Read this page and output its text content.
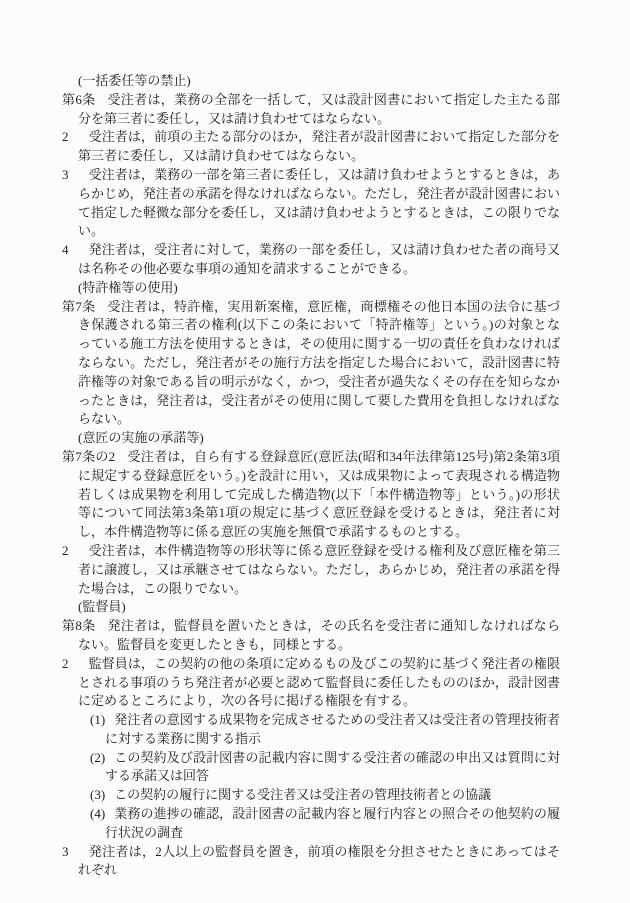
(一括委任等の禁止)

第6条 受注者は，業務の全部を一括して，又は設計図書において指定した主たる部分を第三者に委任し，又は請け負わせてはならない。

2 受注者は，前項の主たる部分のほか，発注者が設計図書において指定した部分を第三者に委任し，又は請け負わせてはならない。

3 受注者は，業務の一部を第三者に委任し，又は請け負わせようとするときは，あらかじめ，発注者の承諾を得なければならない。ただし，発注者が設計図書において指定した軽微な部分を委任し，又は請け負わせようとするときは，この限りでない。

4 発注者は，受注者に対して，業務の一部を委任し，又は請け負わせた者の商号又は名称その他必要な事項の通知を請求することができる。

(特許権等の使用)

第7条 受注者は，特許権，実用新案権，意匠権，商標権その他日本国の法令に基づき保護される第三者の権利(以下この条において「特許権等」という。)の対象となっている施工方法を使用するときは，その使用に関する一切の責任を負わなければならない。ただし，発注者がその施行方法を指定した場合において，設計図書に特許権等の対象である旨の明示がなく，かつ，受注者が過失なくその存在を知らなかったときは，発注者は，受注者がその使用に関して要した費用を負担しなければならない。

(意匠の実施の承諾等)

第7条の2 受注者は，自ら有する登録意匠(意匠法(昭和34年法律第125号)第2条第3項に規定する登録意匠をいう。)を設計に用い，又は成果物によって表現される構造物若しくは成果物を利用して完成した構造物(以下「本件構造物等」という。)の形状等について同法第3条第1項の規定に基づく意匠登録を受けるときは，発注者に対し，本件構造物等に係る意匠の実施を無償で承諾するものとする。

2 受注者は，本件構造物等の形状等に係る意匠登録を受ける権利及び意匠権を第三者に譲渡し，又は承継させてはならない。ただし，あらかじめ，発注者の承諾を得た場合は，この限りでない。

(監督員)

第8条 発注者は，監督員を置いたときは，その氏名を受注者に通知しなければならない。監督員を変更したときも，同様とする。

2 監督員は，この契約の他の条項に定めるもの及びこの契約に基づく発注者の権限とされる事項のうち発注者が必要と認めて監督員に委任したもののほか，設計図書に定めるところにより，次の各号に掲げる権限を有する。

(1) 発注者の意図する成果物を完成させるための受注者又は受注者の管理技術者に対する業務に関する指示

(2) この契約及び設計図書の記載内容に関する受注者の確認の申出又は質問に対する承諾又は回答

(3) この契約の履行に関する受注者又は受注者の管理技術者との協議

(4) 業務の進捗の確認，設計図書の記載内容と履行内容との照合その他契約の履行状況の調査

3 発注者は，2人以上の監督員を置き，前項の権限を分担させたときにあってはそれぞれ
